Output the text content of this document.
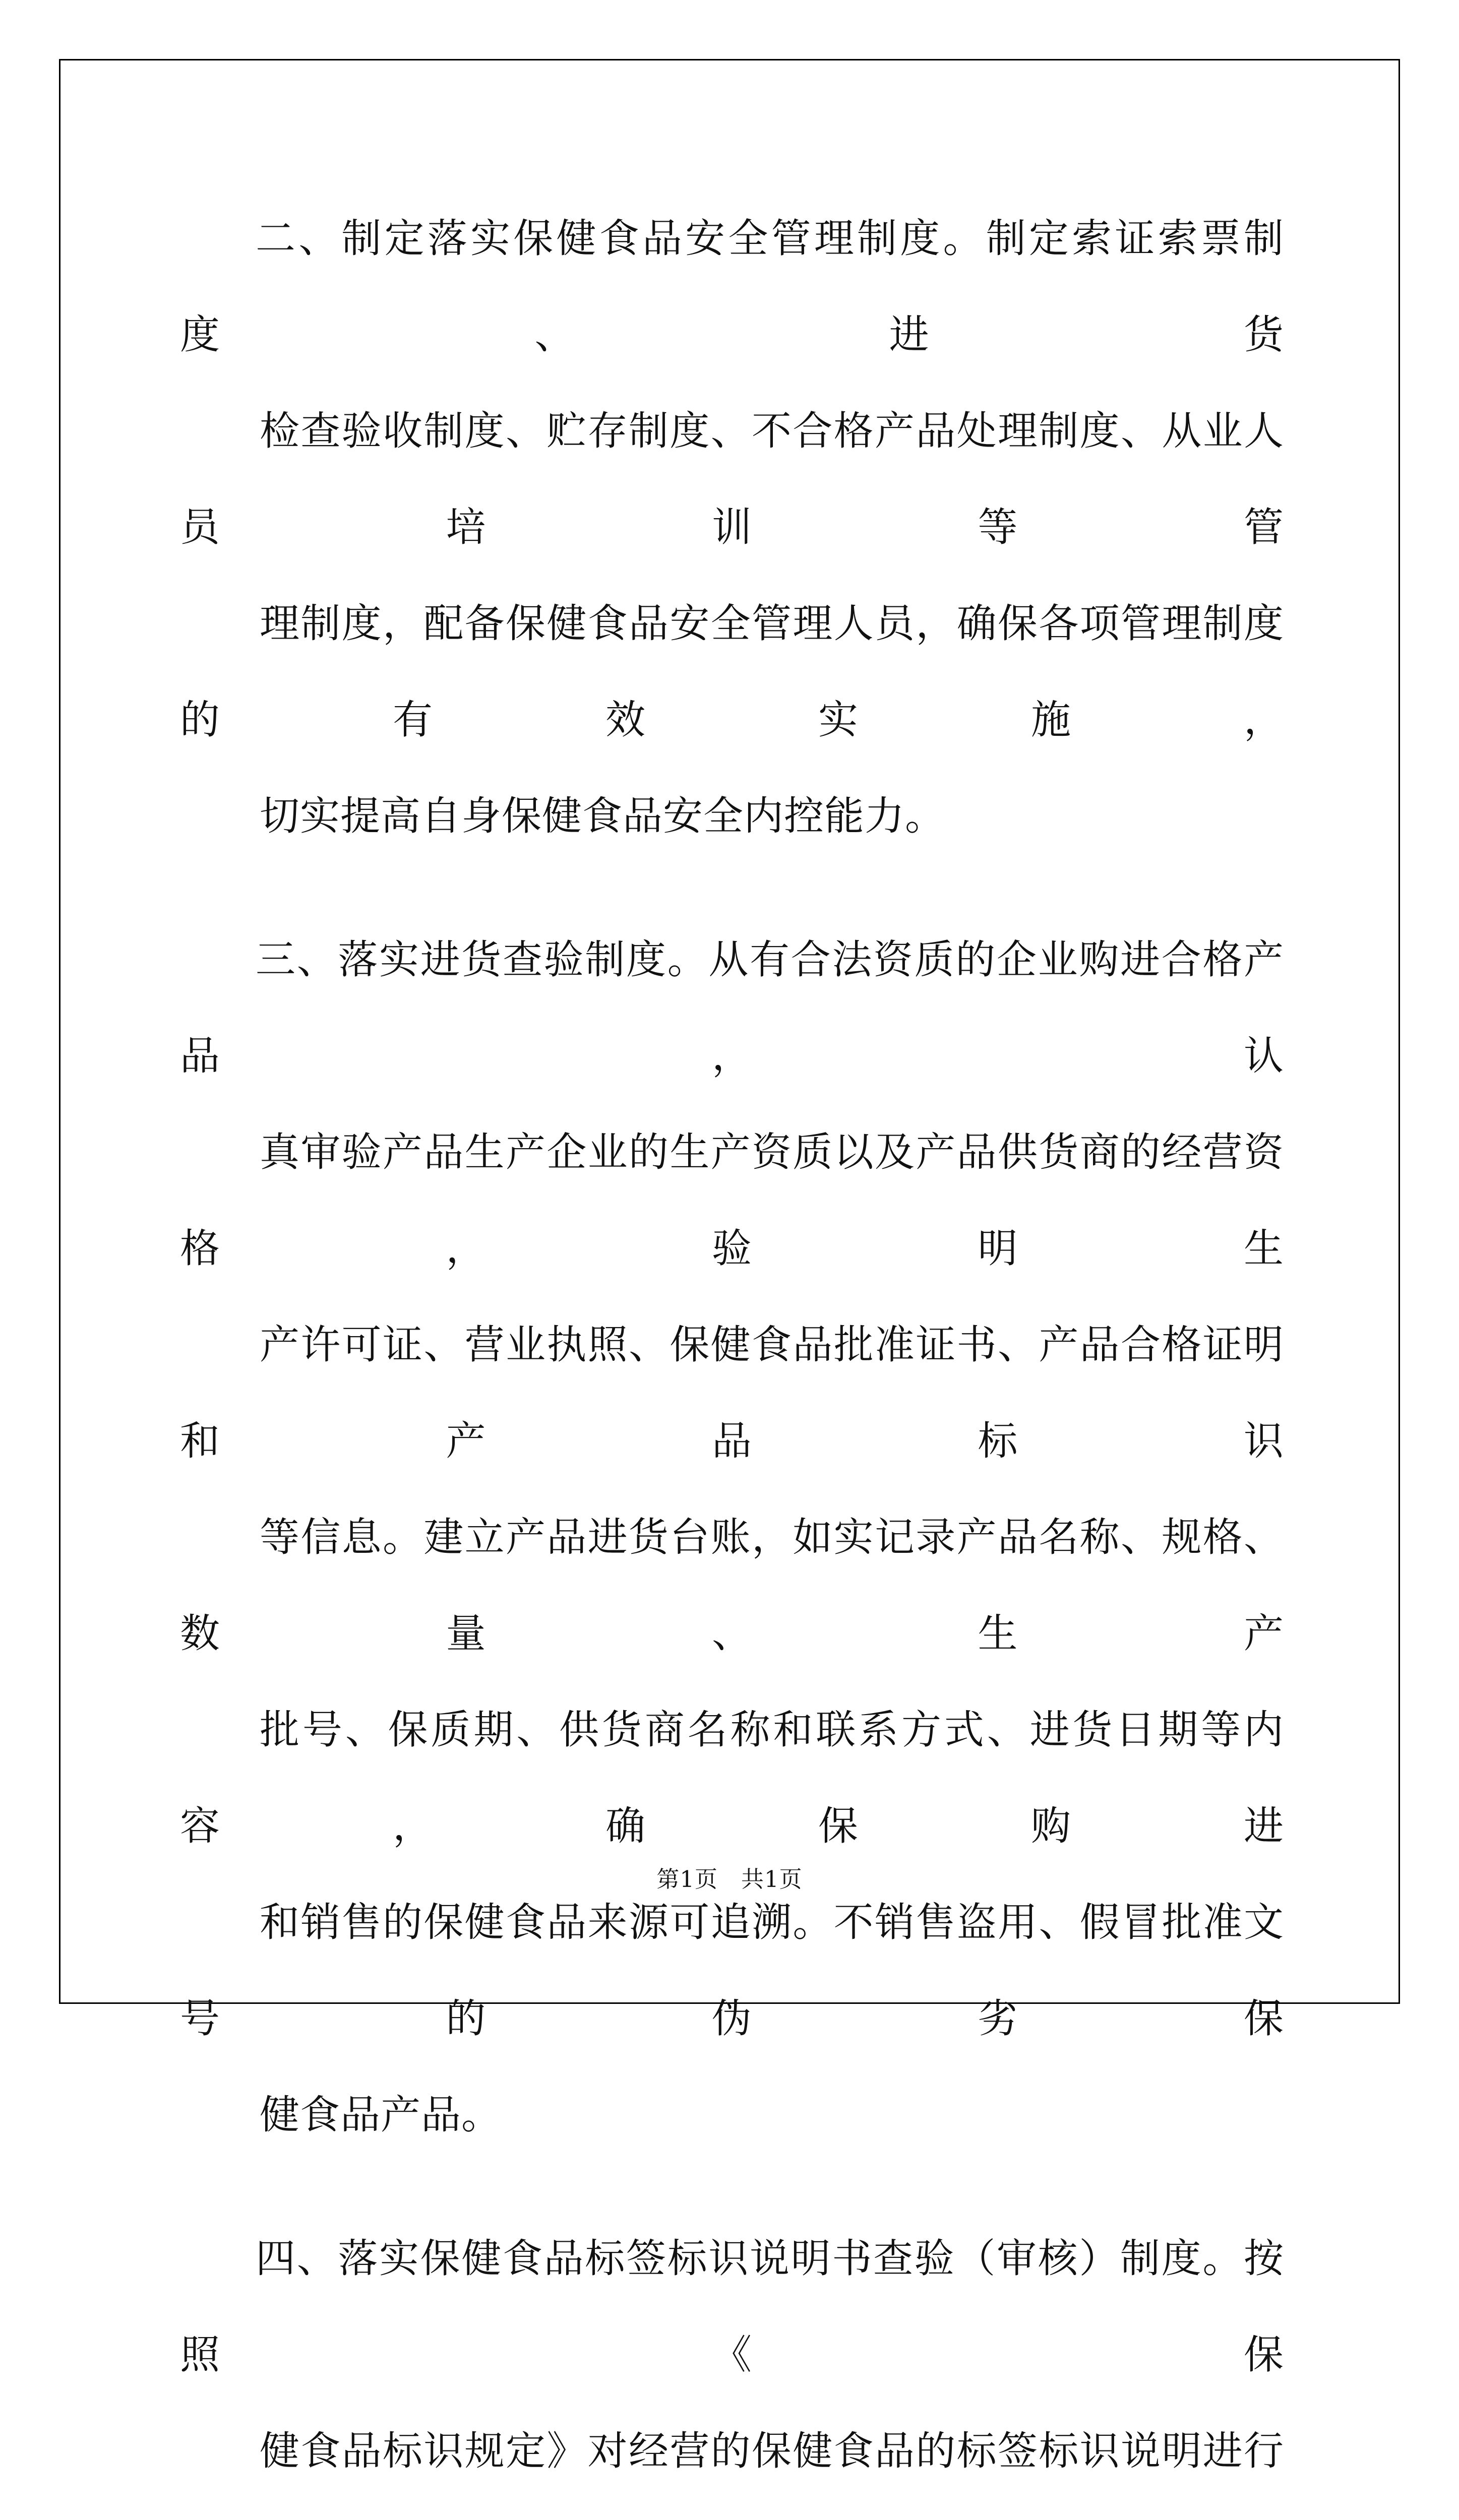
二、制定落实保健食品安全管理制度。制定索证索票制度、进货
检查验收制度、贮存制度、不合格产品处理制度、从业人员培训等管
理制度，配备保健食品安全管理人员，确保各项管理制度的有效实施，
切实提高自身保健食品安全内控能力。
三、落实进货查验制度。从有合法资质的企业购进合格产品，认
真审验产品生产企业的生产资质以及产品供货商的经营资格，验明生
产许可证、营业执照、保健食品批准证书、产品合格证明和产品标识
等信息。建立产品进货台账，如实记录产品名称、规格、数量、生产
批号、保质期、供货商名称和联系方式、进货日期等内容，确保购进
和销售的保健食品来源可追溯。不销售盗用、假冒批准文号的伪劣保
健食品产品。
四、落实保健食品标签标识说明书查验（审核）制度。按照《保
健食品标识规定》对经营的保健食品的标签标识说明进行
第1页　共1页
